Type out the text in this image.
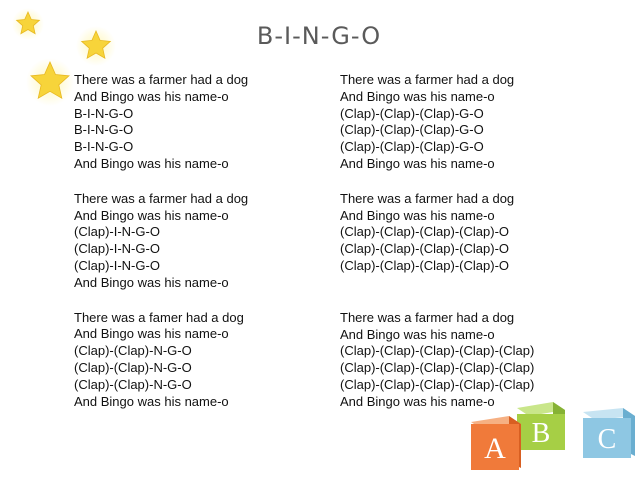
B-I-N-G-O
There was a farmer had a dog
And Bingo was his name-o
B-I-N-G-O
B-I-N-G-O
B-I-N-G-O
And Bingo was his name-o
There was a farmer had a dog
And Bingo was his name-o
(Clap)-I-N-G-O
(Clap)-I-N-G-O
(Clap)-I-N-G-O
And Bingo was his name-o
There was a famer had a dog
And Bingo was his name-o
(Clap)-(Clap)-N-G-O
(Clap)-(Clap)-N-G-O
(Clap)-(Clap)-N-G-O
And Bingo was his name-o
There was a farmer had a dog
And Bingo was his name-o
(Clap)-(Clap)-(Clap)-G-O
(Clap)-(Clap)-(Clap)-G-O
(Clap)-(Clap)-(Clap)-G-O
And Bingo was his name-o
There was a farmer had a dog
And Bingo was his name-o
(Clap)-(Clap)-(Clap)-(Clap)-O
(Clap)-(Clap)-(Clap)-(Clap)-O
(Clap)-(Clap)-(Clap)-(Clap)-O
There was a farmer had a dog
And Bingo was his name-o
(Clap)-(Clap)-(Clap)-(Clap)-(Clap)
(Clap)-(Clap)-(Clap)-(Clap)-(Clap)
(Clap)-(Clap)-(Clap)-(Clap)-(Clap)
And Bingo was his name-o
B C
A
